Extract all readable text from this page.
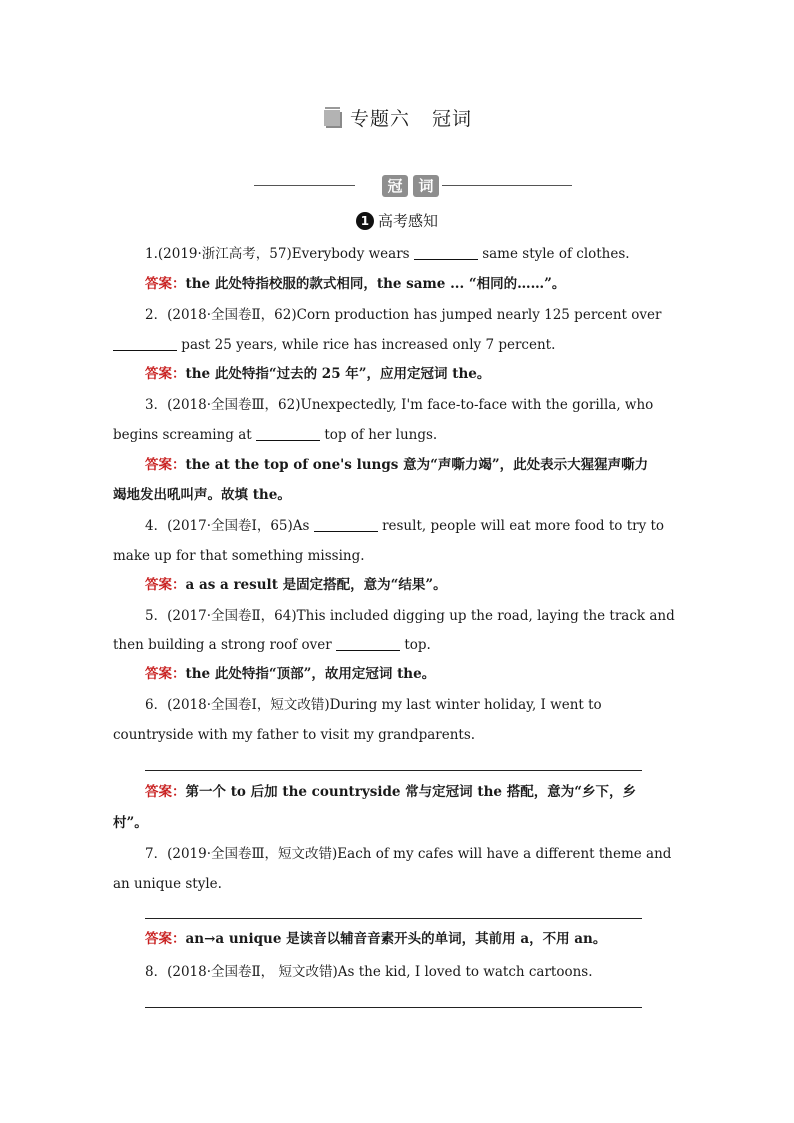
专题六 冠词
冠	词
1 高考感知
1.(2019·浙江高考，57)Everybody wears	same style of clothes.
答案：the 此处特指校服的款式相同，the same ... “相同的……”。
2．(2018·全国卷Ⅱ，62)Corn production has jumped nearly 125 percent over
past 25 years, while rice has increased only 7 percent.
答案：the 此处特指“过去的 25 年”，应用定冠词 the。
3．(2018·全国卷Ⅲ，62)Unexpectedly, I'm face-to-face with the gorilla, who
begins screaming at	top of her lungs.
答案：the at the top of one's lungs 意为“声嘶力竭”，此处表示大猩猩声嘶力
竭地发出吼叫声。故填 the。
4．(2017·全国卷Ⅰ，65)As	result, people will eat more food to try to
make up for that something missing.
答案：a as a result 是固定搭配，意为“结果”。
5．(2017·全国卷Ⅱ，64)This included digging up the road, laying the track and
then building a strong roof over	top.
答案：the 此处特指“顶部”，故用定冠词 the。
6．(2018·全国卷Ⅰ，短文改错)During my last winter holiday, I went to
countryside with my father to visit my grandparents.
答案：第一个 to 后加 the countryside 常与定冠词 the 搭配，意为“乡下，乡
村”。
7．(2019·全国卷Ⅲ，短文改错)Each of my cafes will have a different theme and
an unique style.
答案：an→a unique 是读音以辅音音素开头的单词，其前用 a，不用 an。
8．(2018·全国卷Ⅱ， 短文改错)As the kid, I loved to watch cartoons.
